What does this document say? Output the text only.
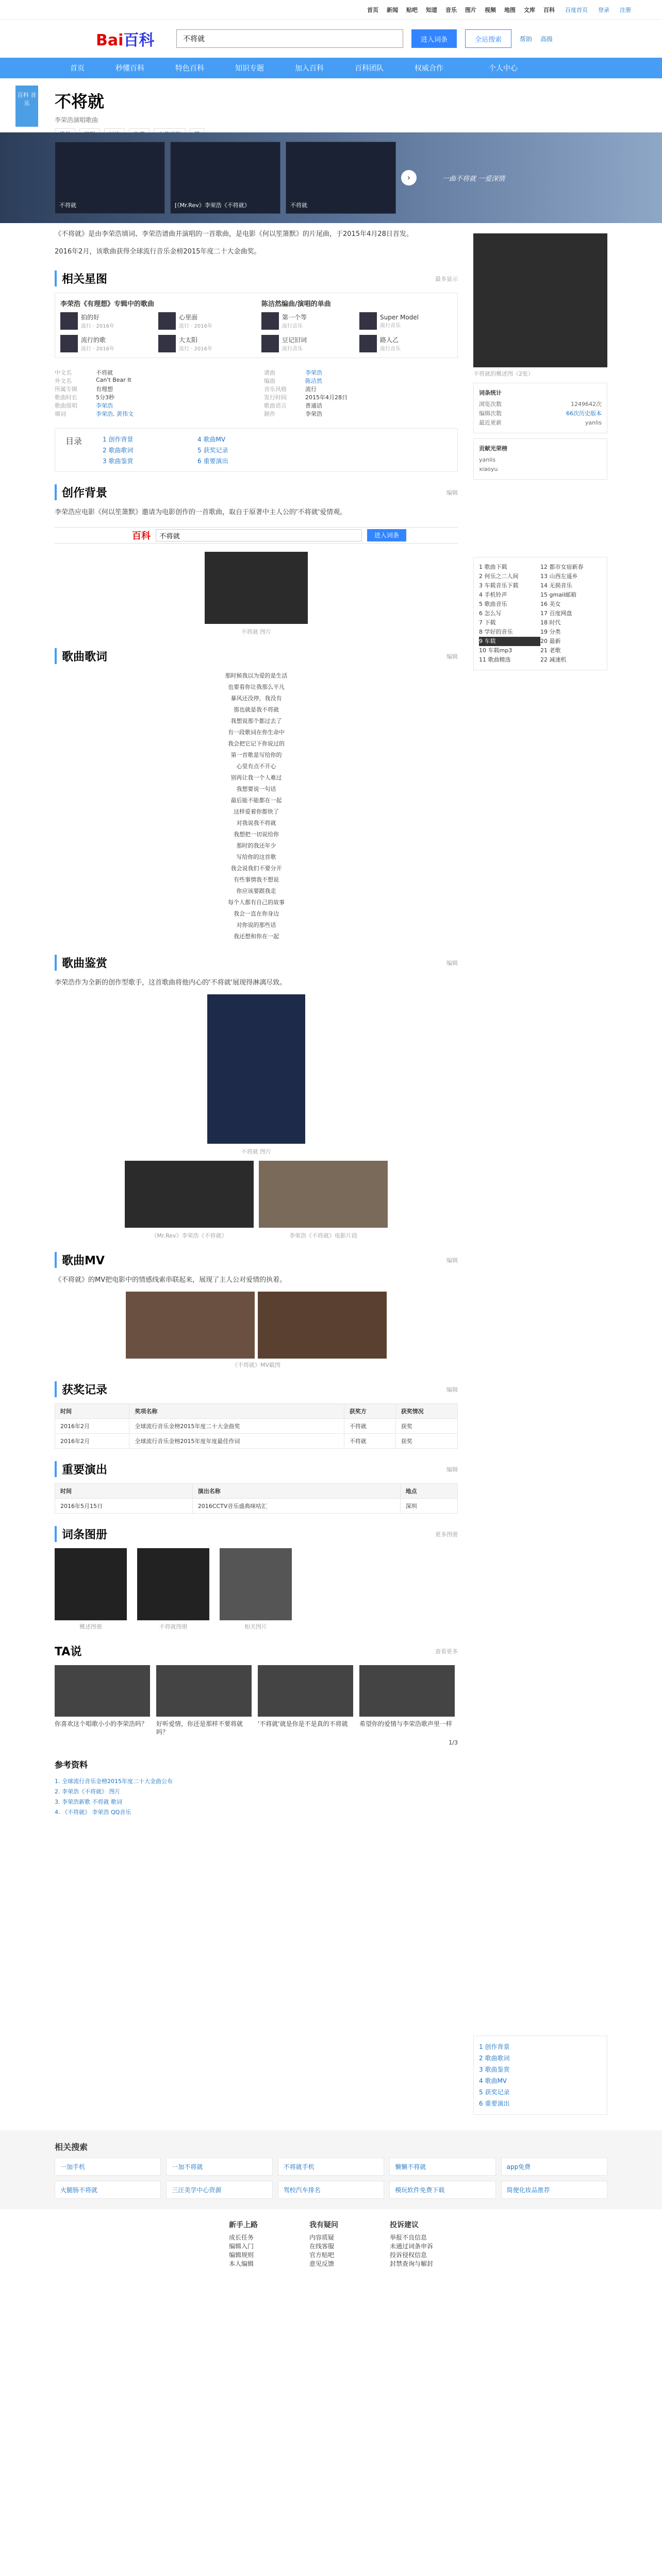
首页 新闻 贴吧 知道 音乐 图片 视频 地图 文库 百科 百度首页 登录 注册
Bai百科
不将就	进入词条	全站搜索	帮助 高级
首页	秒懂百科	特色百科	知识专题	加入百科	百科团队	权威合作	个人中心
百科 音乐	不将就
李荣浩演唱歌曲
不将就	[《Mr.Rev》李荣浩《不将就》	不将就
›	一曲不将就 一爱深情

《不将就》是由李荣浩填词、李荣浩谱曲并演唱的一首歌曲，是电影《何以笙箫默》的片尾曲，于2015年4月28日首发。

2016年2月，该歌曲获得全球流行音乐金榜2015年度二十大金曲奖。

相关星图	最多显示
李荣浩《有理想》专辑中的歌曲
拍的好
流行 · 2016年
心里面
流行 · 2016年
流行的歌
流行 · 2016年
大太阳
流行 · 2016年
陈洁然编曲/演唱的单曲
第一个等
流行音乐
Super Model
流行音乐
豆记旧词
流行音乐
路人乙
流行音乐
中文名	不将就
外文名	Can't Bear It
所属专辑	有理想
歌曲时长	5分3秒
歌曲原唱	李荣浩
填词	李荣浩, 黄伟文
谱曲	李荣浩
编曲	陈洁然
音乐风格	流行
发行时间	2015年4月28日
歌曲语言	普通话
制作	李荣浩
目录	1 创作背景	4 歌曲MV
2 歌曲歌词	5 获奖记录
3 歌曲鉴赏	6 重要演出
创作背景	编辑

李荣浩应电影《何以笙箫默》邀请为电影创作的一首歌曲，取自于原著中主人公的'不将就'爱情观。

百科
不将就	进入词条
不将就 图片
歌曲歌词	编辑
那时候我以为爱的是生活
也要看你让我那么平凡
暴风还没停，我没有
那也就是我不将就
我想说那个都过去了
有一段歌词在你生命中
我会把它记下你说过的
第一首歌是写给你的
心里有点不开心
别再让我一个人难过
我想要说一句话
最后能不能都在一起
这样爱着你都快了
对我说我不将就
我想把一切说给你
那时的我还年少
写给你的这首歌
我会说我们不要分开
有些事情我不想说
你应该要跟我走
每个人都有自己的故事
我会一直在你身边
对你说的那些话
我还想和你在一起
歌曲鉴赏	编辑

李荣浩作为全新的创作型歌手，这首歌曲将他内心的'不将就'展现得淋漓尽致。

不将就 图片
《Mr.Rev》李荣浩《不将就》	李荣浩《不将就》电影片段
歌曲MV	编辑

《不将就》的MV把电影中的情感线索串联起来，展现了主人公对爱情的执着。

《不将就》MV截图
获奖记录	编辑
时间	奖项名称	获奖方	获奖情况
2016年2月	全球流行音乐金榜2015年度二十大金曲奖	不将就	获奖
2016年2月	全球流行音乐金榜2015年度年度最佳作词	不将就	获奖
重要演出	编辑
时间	演出名称	地点
2016年5月15日	2016CCTV音乐盛典咪咕汇	深圳
词条图册	更多图册
概述图册	不将就图册	相关图片
TA说	查看更多
你喜欢这个唱歌小小的李荣浩吗？	好听爱情，你还是那样不要将就吗？
'不将就'就是你是不是真的不将就	希望你的爱情与李荣浩歌声里一样
1/3
参考资料
1. 全球流行音乐金榜2015年度二十大金曲公布
2. 李荣浩《不将就》 图片
3. 李荣浩新歌 不将就 歌词
4. 《不将就》 李荣浩 QQ音乐
不将就的概述图（2张）
词条统计
浏览次数	1249642次
编辑次数	66次历史版本
最近更新	yanlis
贡献光荣榜
yanlis
xiaoyu
1 歌曲下载
2 何乐之二人间
3 车载音乐下载
4 手机铃声
5 歌曲音乐
6 怎么写
7 下载
8 学好的音乐
9 车载
10 车载mp3
11 歌曲精选
12 都市女宿新春
13 山西左遥乡
14 无损音乐
15 gmail邮箱
16 美女
17 百度网盘
18 时代
19 分类
20 最新
21 老歌
22 减速机
1 创作背景
2 歌曲歌词
3 歌曲鉴赏
4 歌曲MV
5 获奖记录
6 重要演出
相关搜索
一加手机	一加不将就	不将就手机	懒懒不将就	app免费
火腿肠不将就	三汪美学中心资源	驾校汽车排名	模玩软件免费下载	简便化妆品推荐
新手上路
成长任务
编辑入门
编辑规则
本人编辑
我有疑问
内容质疑
在线客服
官方贴吧
意见反馈
投诉建议
举报不良信息
未通过词条申诉
投诉侵权信息
封禁查询与解封
